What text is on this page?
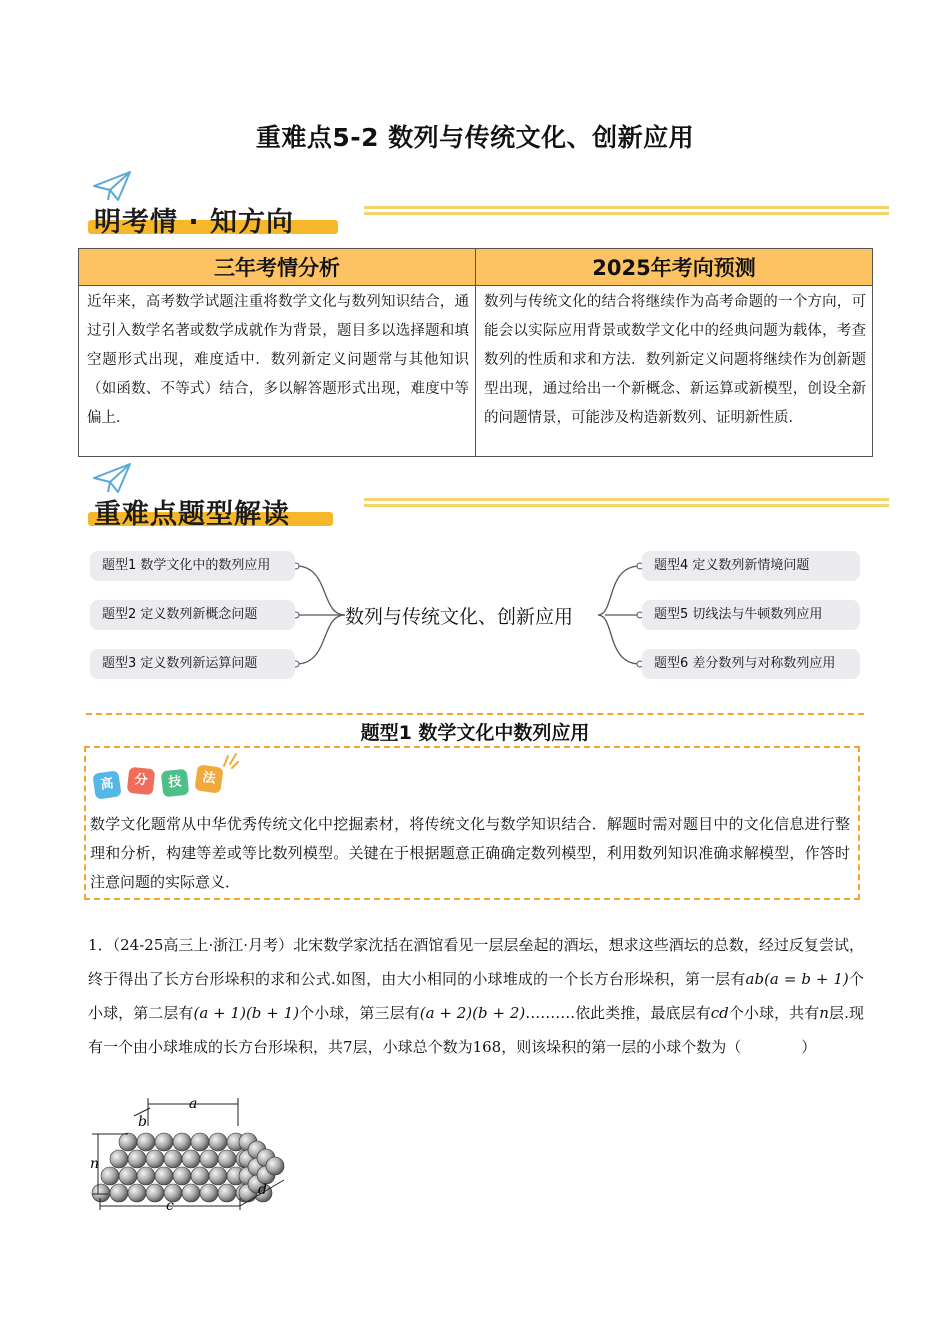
重难点5-2 数列与传统文化、创新应用
明考情 · 知方向
三年考情分析	2025年考向预测
近年来，高考数学试题注重将数学文化与数列知识结合，通过引入数学名著或数学成就作为背景，题目多以选择题和填空题形式出现，难度适中．数列新定义问题常与其他知识（如函数、不等式）结合，多以解答题形式出现，难度中等偏上．	数列与传统文化的结合将继续作为高考命题的一个方向，可能会以实际应用背景或数学文化中的经典问题为载体，考查数列的性质和求和方法．数列新定义问题将继续作为创新题型出现，通过给出一个新概念、新运算或新模型，创设全新的问题情景，可能涉及构造新数列、证明新性质．
重难点题型解读
题型1 数学文化中的数列应用
题型2 定义数列新概念问题
题型3 定义数列新运算问题
数列与传统文化、创新应用
题型4 定义数列新情境问题
题型5 切线法与牛顿数列应用
题型6 差分数列与对称数列应用
题型1 数学文化中数列应用
高	分	技	法
数学文化题常从中华优秀传统文化中挖掘素材，将传统文化与数学知识结合．解题时需对题目中的文化信息进行整理和分析，构建等差或等比数列模型。关键在于根据题意正确确定数列模型，利用数列知识准确求解模型，作答时注意问题的实际意义．
1．（24-25高三上·浙江·月考）北宋数学家沈括在酒馆看见一层层垒起的酒坛，想求这些酒坛的总数，经过反复尝试，终于得出了长方台形垛积的求和公式.如图，由大小相同的小球堆成的一个长方台形垛积，第一层有ab(a = b + 1)个小球，第二层有(a + 1)(b + 1)个小球，第三层有(a + 2)(b + 2)……….依此类推，最底层有cd个小球，共有n层.现有一个由小球堆成的长方台形垛积，共7层，小球总个数为168，则该垛积的第一层的小球个数为（　　　　）
a
b
n
c
d
